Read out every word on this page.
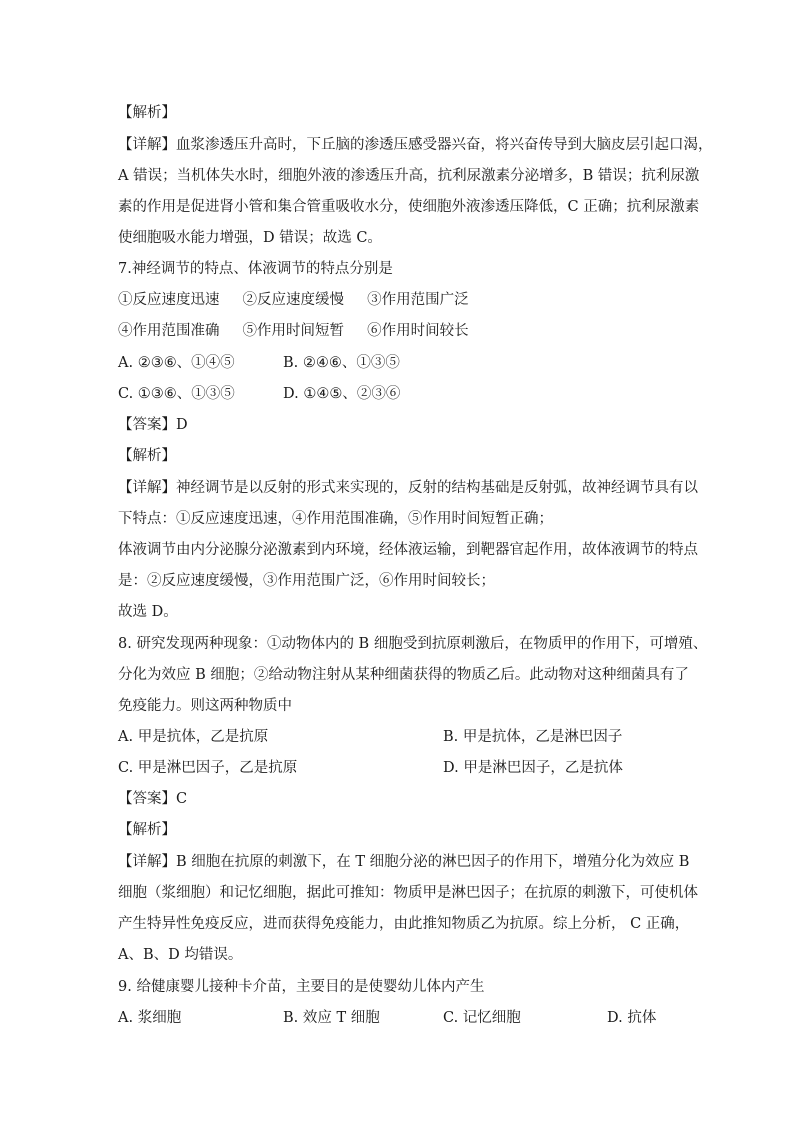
【解析】
【详解】血浆渗透压升高时，下丘脑的渗透压感受器兴奋，将兴奋传导到大脑皮层引起口渴，
A 错误；当机体失水时，细胞外液的渗透压升高，抗利尿激素分泌增多，B 错误；抗利尿激
素的作用是促进肾小管和集合管重吸收水分，使细胞外液渗透压降低，C 正确；抗利尿激素
使细胞吸水能力增强，D 错误；故选 C。
7.神经调节的特点、体液调节的特点分别是
①反应速度迅速     ②反应速度缓慢     ③作用范围广泛
④作用范围准确     ⑤作用时间短暂     ⑥作用时间较长
A. ②③⑥、①④⑤	B. ②④⑥、①③⑤
C. ①③⑥、①③⑤	D. ①④⑤、②③⑥
【答案】D
【解析】
【详解】神经调节是以反射的形式来实现的，反射的结构基础是反射弧，故神经调节具有以
下特点：①反应速度迅速，④作用范围准确，⑤作用时间短暂正确；
体液调节由内分泌腺分泌激素到内环境，经体液运输，到靶器官起作用，故体液调节的特点
是：②反应速度缓慢，③作用范围广泛，⑥作用时间较长；
故选 D。
8. 研究发现两种现象：①动物体内的 B 细胞受到抗原刺激后，在物质甲的作用下，可增殖、
分化为效应 B 细胞；②给动物注射从某种细菌获得的物质乙后。此动物对这种细菌具有了
免疫能力。则这两种物质中
A. 甲是抗体，乙是抗原	B. 甲是抗体，乙是淋巴因子
C. 甲是淋巴因子，乙是抗原	D. 甲是淋巴因子，乙是抗体
【答案】C
【解析】
【详解】B 细胞在抗原的刺激下，在 T 细胞分泌的淋巴因子的作用下，增殖分化为效应 B
细胞（浆细胞）和记忆细胞，据此可推知：物质甲是淋巴因子；在抗原的刺激下，可使机体
产生特异性免疫反应，进而获得免疫能力，由此推知物质乙为抗原。综上分析， C 正确，
A、B、D 均错误。
9. 给健康婴儿接种卡介苗，主要目的是使婴幼儿体内产生
A. 浆细胞	B. 效应 T 细胞	C. 记忆细胞	D. 抗体
